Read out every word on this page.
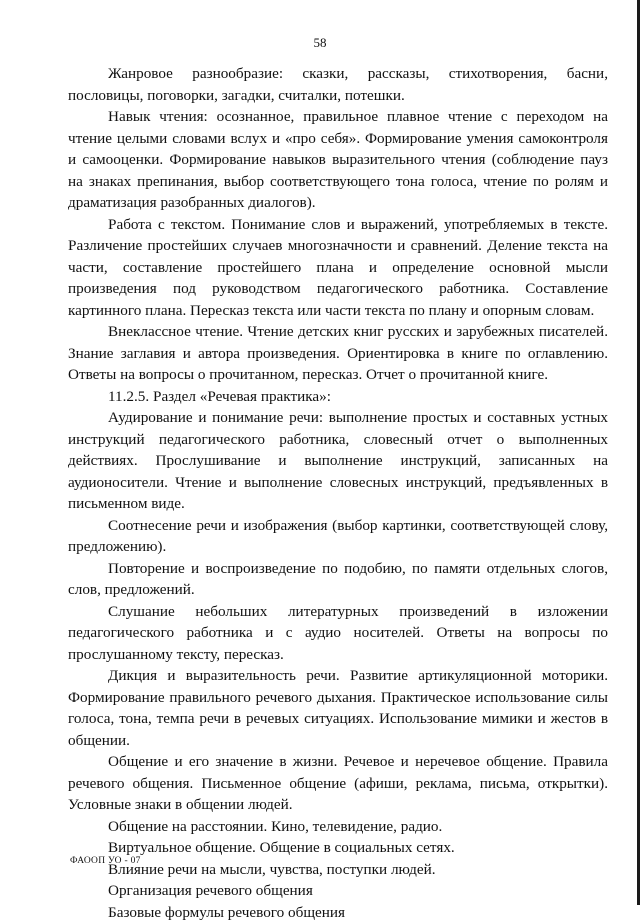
58

Жанровое разнообразие: сказки, рассказы, стихотворения, басни, пословицы, поговорки, загадки, считалки, потешки.

Навык чтения: осознанное, правильное плавное чтение с переходом на чтение целыми словами вслух и «про себя». Формирование умения самоконтроля и самооценки. Формирование навыков выразительного чтения (соблюдение пауз на знаках препинания, выбор соответствующего тона голоса, чтение по ролям и драматизация разобранных диалогов).

Работа с текстом. Понимание слов и выражений, употребляемых в тексте. Различение простейших случаев многозначности и сравнений. Деление текста на части, составление простейшего плана и определение основной мысли произведения под руководством педагогического работника. Составление картинного плана. Пересказ текста или части текста по плану и опорным словам.

Внеклассное чтение. Чтение детских книг русских и зарубежных писателей. Знание заглавия и автора произведения. Ориентировка в книге по оглавлению. Ответы на вопросы о прочитанном, пересказ. Отчет о прочитанной книге.

11.2.5. Раздел «Речевая практика»:

Аудирование и понимание речи: выполнение простых и составных устных инструкций педагогического работника, словесный отчет о выполненных действиях. Прослушивание и выполнение инструкций, записанных на аудионосители. Чтение и выполнение словесных инструкций, предъявленных в письменном виде.

Соотнесение речи и изображения (выбор картинки, соответствующей слову, предложению).

Повторение и воспроизведение по подобию, по памяти отдельных слогов, слов, предложений.

Слушание небольших литературных произведений в изложении педагогического работника и с аудио носителей. Ответы на вопросы по прослушанному тексту, пересказ.

Дикция и выразительность речи. Развитие артикуляционной моторики. Формирование правильного речевого дыхания. Практическое использование силы голоса, тона, темпа речи в речевых ситуациях. Использование мимики и жестов в общении.

Общение и его значение в жизни. Речевое и неречевое общение. Правила речевого общения. Письменное общение (афиши, реклама, письма, открытки). Условные знаки в общении людей.

Общение на расстоянии. Кино, телевидение, радио.

Виртуальное общение. Общение в социальных сетях.

Влияние речи на мысли, чувства, поступки людей.

Организация речевого общения

Базовые формулы речевого общения

ФАООП УО - 07
